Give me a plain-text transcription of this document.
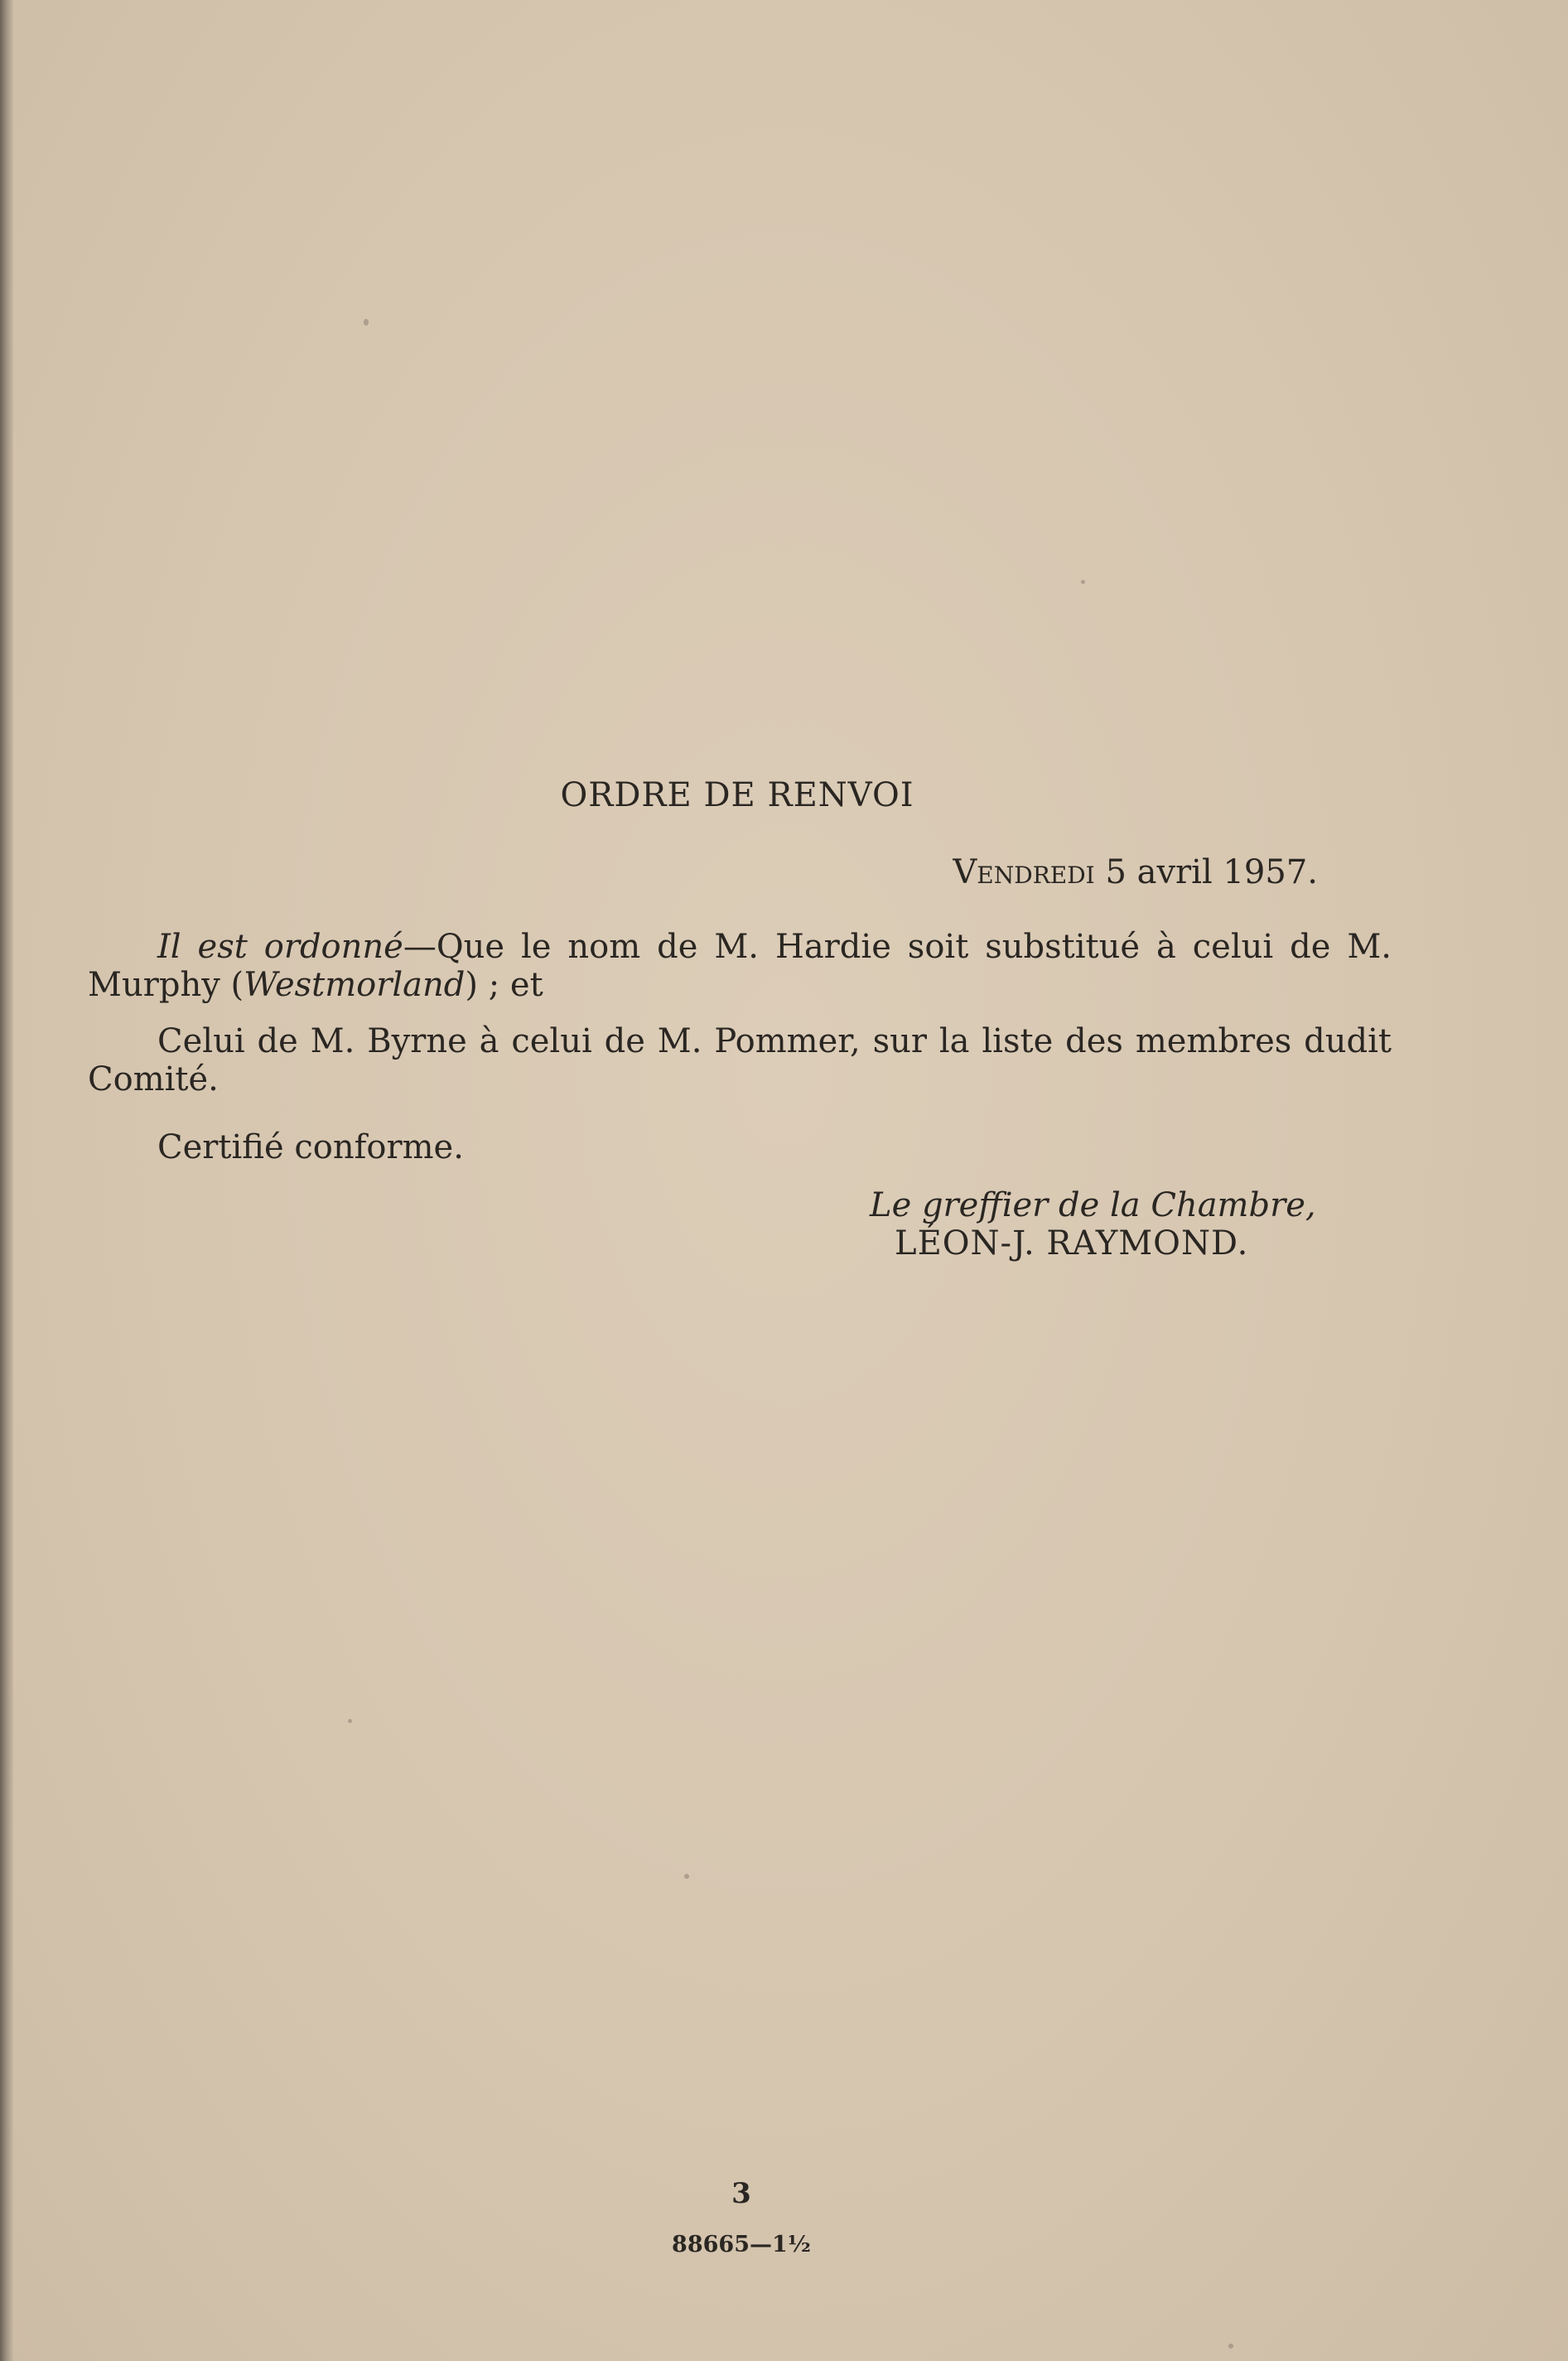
ORDRE DE RENVOI

Vendredi 5 avril 1957.

Il est ordonné—Que le nom de M. Hardie soit substitué à celui de M. Murphy (Westmorland) ; et

Celui de M. Byrne à celui de M. Pommer, sur la liste des membres dudit Comité.

Certifié conforme.

Le greffier de la Chambre,
LÉON-J. RAYMOND.

3

88665—1½
